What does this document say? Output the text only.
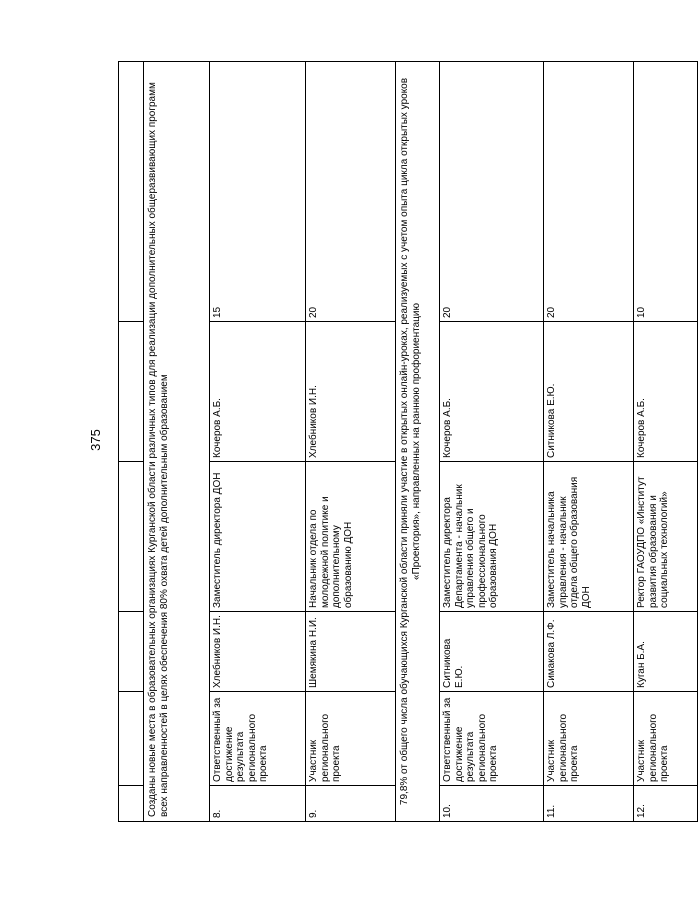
375
						Созданы новые места в образовательных организациях Курганской области различных типов для реализации дополнительных общеразвивающих программ всех направленностей в целях обеспечения 80% охвата детей дополнительным образованием					
8.	Ответственный за достижение результата регионального проекта	Хлебников И.Н.	Заместитель директора ДОН	Кочеров А.Б.	15
9.	Участник регионального проекта	Шемякина Н.И.	Начальник отдела по молодежной политике и дополнительному образованию ДОН	Хлебников И.Н.	20
79,8% от общего числа обучающихся Курганской области приняли участие в открытых онлайн-уроках, реализуемых с учетом опыта цикла открытых уроков «Проектория», направленных на раннюю профориентацию					
10.	Ответственный за достижение результата регионального проекта	Ситникова Е.Ю.	Заместитель директора Департамента - начальник управления общего и профессионального образования ДОН	Кочеров А.Б.	20
11.	Участник регионального проекта	Симакова Л.Ф.	Заместитель начальника управления - начальник отдела общего образования ДОН	Ситникова Е.Ю.	20
12.	Участник регионального проекта	Куган Б.А.	Ректор ГАОУДПО «Институт развития образования и социальных технологий»	Кочеров А.Б.	10
